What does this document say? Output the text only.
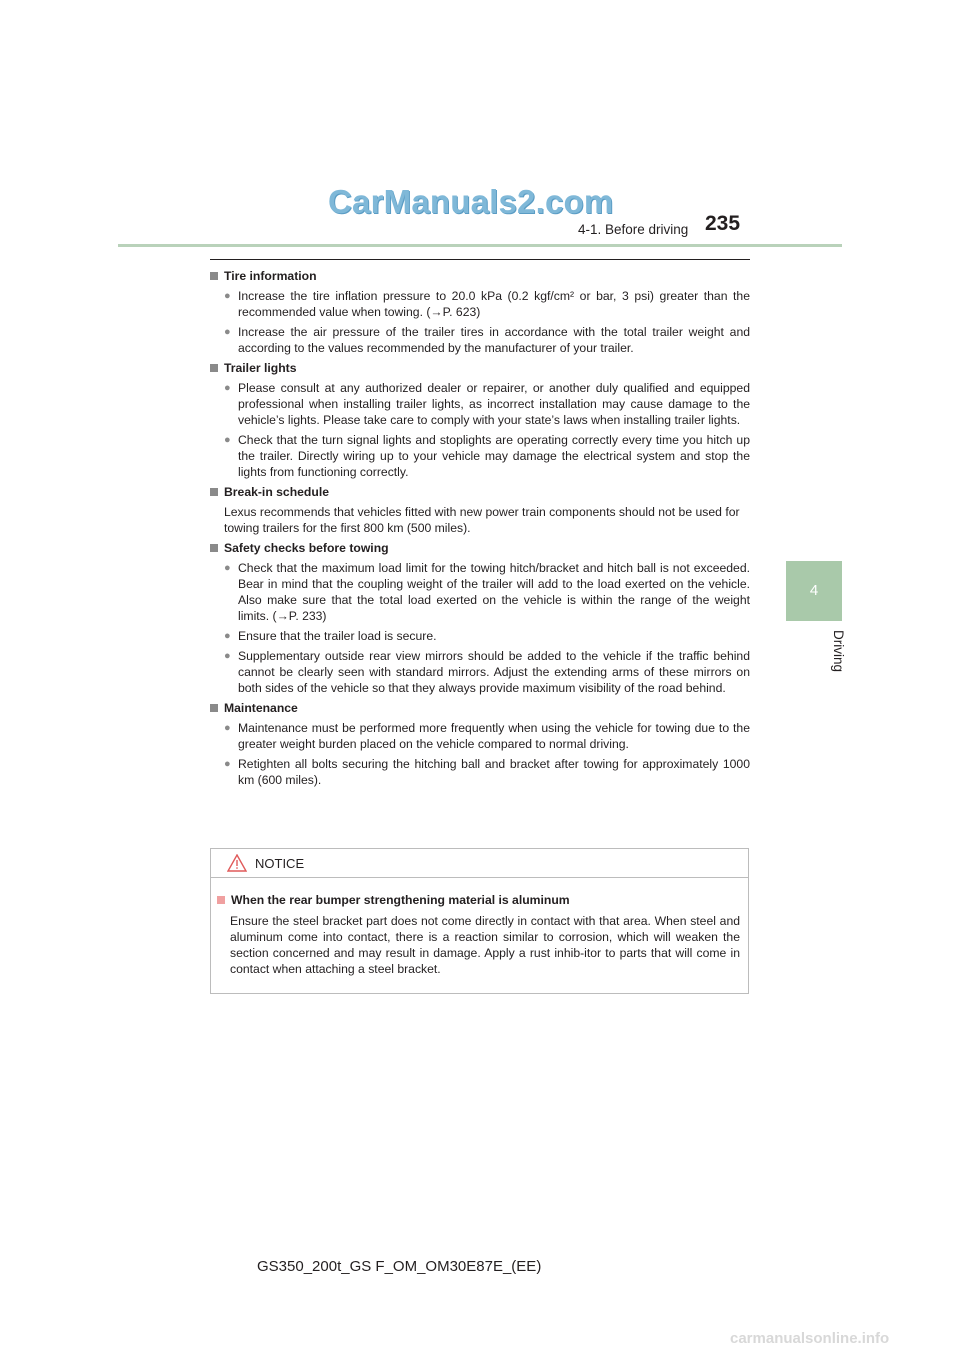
CarManuals2.com
4-1. Before driving 235
4
Driving
Tire information
● Increase the tire inflation pressure to 20.0 kPa (0.2 kgf/cm² or bar, 3 psi) greater than the recommended value when towing. (→P. 623)
● Increase the air pressure of the trailer tires in accordance with the total trailer weight and according to the values recommended by the manufacturer of your trailer.
Trailer lights
● Please consult at any authorized dealer or repairer, or another duly qualified and equipped professional when installing trailer lights, as incorrect installation may cause damage to the vehicle’s lights. Please take care to comply with your state’s laws when installing trailer lights.
● Check that the turn signal lights and stoplights are operating correctly every time you hitch up the trailer. Directly wiring up to your vehicle may damage the electrical system and stop the lights from functioning correctly.
Break-in schedule
Lexus recommends that vehicles fitted with new power train components should not be used for towing trailers for the first 800 km (500 miles).
Safety checks before towing
● Check that the maximum load limit for the towing hitch/bracket and hitch ball is not exceeded. Bear in mind that the coupling weight of the trailer will add to the load exerted on the vehicle. Also make sure that the total load exerted on the vehicle is within the range of the weight limits. (→P. 233)
● Ensure that the trailer load is secure.
● Supplementary outside rear view mirrors should be added to the vehicle if the traffic behind cannot be clearly seen with standard mirrors. Adjust the extending arms of these mirrors on both sides of the vehicle so that they always provide maximum visibility of the road behind.
Maintenance
● Maintenance must be performed more frequently when using the vehicle for towing due to the greater weight burden placed on the vehicle compared to normal driving.
● Retighten all bolts securing the hitching ball and bracket after towing for approximately 1000 km (600 miles).
NOTICE
When the rear bumper strengthening material is aluminum
Ensure the steel bracket part does not come directly in contact with that area. When steel and aluminum come into contact, there is a reaction similar to corrosion, which will weaken the section concerned and may result in damage. Apply a rust inhib-itor to parts that will come in contact when attaching a steel bracket.
GS350_200t_GS F_OM_OM30E87E_(EE)
carmanualsonline.info
